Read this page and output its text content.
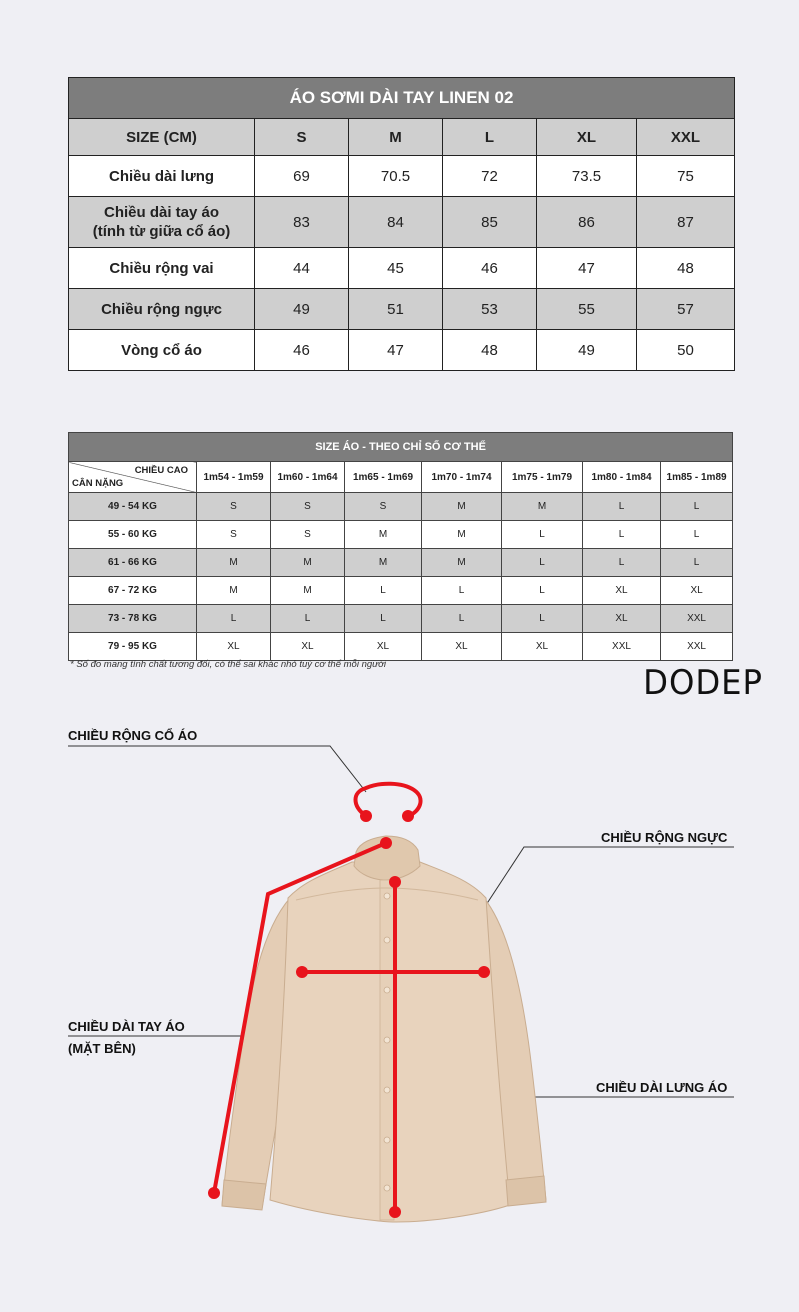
ÁO SƠMI DÀI TAY LINEN 02					
SIZE (CM)	S	M	L	XL	XXL
Chiều dài lưng	69	70.5	72	73.5	75
Chiều dài tay áo
(tính từ giữa cổ áo)	83	84	85	86	87
Chiều rộng vai	44	45	46	47	48
Chiều rộng ngực	49	51	53	55	57
Vòng cổ áo	46	47	48	49	50
SIZE ÁO - THEO CHỈ SỐ CƠ THỂ							

CHIỀU CAO
CÂN NẶNG	1m54 - 1m59	1m60 - 1m64	1m65 - 1m69	1m70 - 1m74	1m75 - 1m79	1m80 - 1m84	1m85 - 1m89
49 - 54 KG	S	S	S	M	M	L	L
55 - 60 KG	S	S	M	M	L	L	L
61 - 66 KG	M	M	M	M	L	L	L
67 - 72 KG	M	M	L	L	L	XL	XL
73 - 78 KG	L	L	L	L	L	XL	XXL
79 - 95 KG	XL	XL	XL	XL	XL	XXL	XXL
* Số đo mang tính chất tương đối, có thể sai khác nhỏ tuỳ cơ thể mỗi người	DODEP
CHIỀU RỘNG CỔ ÁO
CHIỀU RỘNG NGỰC
CHIỀU DÀI TAY ÁO
(MẶT BÊN)
CHIỀU DÀI LƯNG ÁO
